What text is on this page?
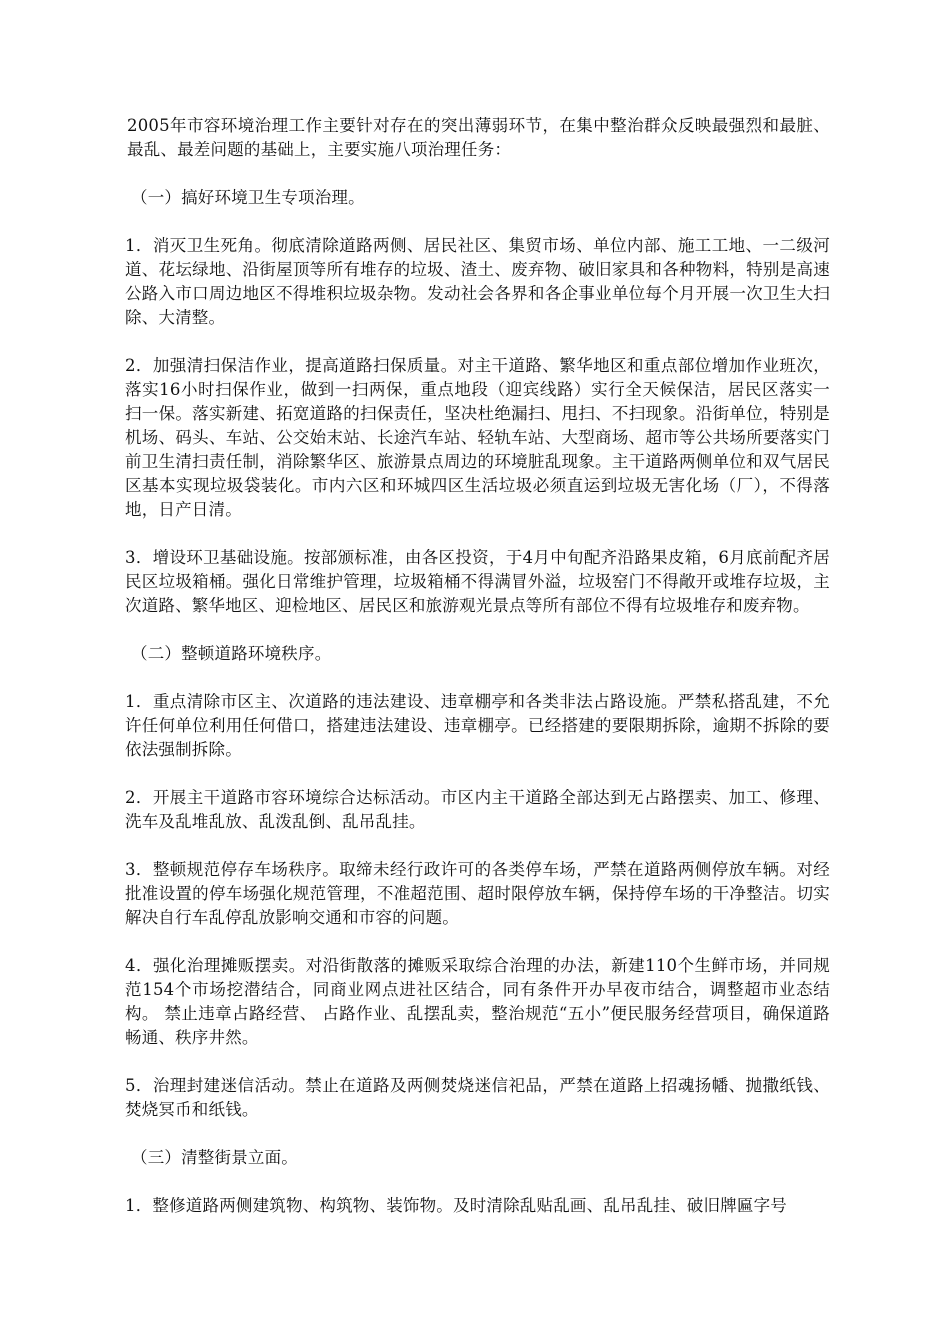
2005年市容环境治理工作主要针对存在的突出薄弱环节，在集中整治群众反映最强烈和最脏、最乱、最差问题的基础上，主要实施八项治理任务：

（一）搞好环境卫生专项治理。

1．消灭卫生死角。彻底清除道路两侧、居民社区、集贸市场、单位内部、施工工地、一二级河道、花坛绿地、沿街屋顶等所有堆存的垃圾、渣土、废弃物、破旧家具和各种物料，特别是高速公路入市口周边地区不得堆积垃圾杂物。发动社会各界和各企事业单位每个月开展一次卫生大扫除、大清整。

2．加强清扫保洁作业，提高道路扫保质量。对主干道路、繁华地区和重点部位增加作业班次，落实16小时扫保作业，做到一扫两保，重点地段（迎宾线路）实行全天候保洁，居民区落实一扫一保。落实新建、拓宽道路的扫保责任，坚决杜绝漏扫、甩扫、不扫现象。沿街单位，特别是机场、码头、车站、公交始末站、长途汽车站、轻轨车站、大型商场、超市等公共场所要落实门前卫生清扫责任制，消除繁华区、旅游景点周边的环境脏乱现象。主干道路两侧单位和双气居民区基本实现垃圾袋装化。市内六区和环城四区生活垃圾必须直运到垃圾无害化场（厂），不得落地，日产日清。

3．增设环卫基础设施。按部颁标准，由各区投资，于4月中旬配齐沿路果皮箱，6月底前配齐居民区垃圾箱桶。强化日常维护管理，垃圾箱桶不得满冒外溢，垃圾窑门不得敞开或堆存垃圾，主次道路、繁华地区、迎检地区、居民区和旅游观光景点等所有部位不得有垃圾堆存和废弃物。

（二）整顿道路环境秩序。

1．重点清除市区主、次道路的违法建设、违章棚亭和各类非法占路设施。严禁私搭乱建，不允许任何单位利用任何借口，搭建违法建设、违章棚亭。已经搭建的要限期拆除，逾期不拆除的要依法强制拆除。

2．开展主干道路市容环境综合达标活动。市区内主干道路全部达到无占路摆卖、加工、修理、洗车及乱堆乱放、乱泼乱倒、乱吊乱挂。

3．整顿规范停存车场秩序。取缔未经行政许可的各类停车场，严禁在道路两侧停放车辆。对经批准设置的停车场强化规范管理，不准超范围、超时限停放车辆，保持停车场的干净整洁。切实解决自行车乱停乱放影响交通和市容的问题。

4．强化治理摊贩摆卖。对沿街散落的摊贩采取综合治理的办法，新建110个生鲜市场，并同规范154个市场挖潜结合，同商业网点进社区结合，同有条件开办早夜市结合，调整超市业态结构。 禁止违章占路经营、 占路作业、乱摆乱卖，整治规范“五小”便民服务经营项目，确保道路畅通、秩序井然。

5．治理封建迷信活动。禁止在道路及两侧焚烧迷信祀品，严禁在道路上招魂扬幡、抛撒纸钱、焚烧冥币和纸钱。

（三）清整街景立面。

1．整修道路两侧建筑物、构筑物、装饰物。及时清除乱贴乱画、乱吊乱挂、破旧牌匾字号
